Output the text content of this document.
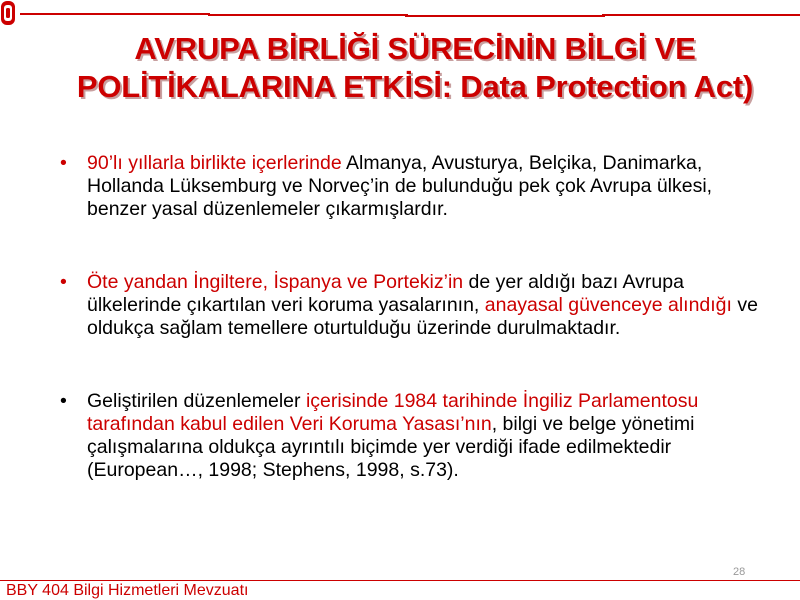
AVRUPA BİRLİĞİ SÜRECİNİN BİLGİ VE POLİTİKALARINA ETKİSİ: Data Protection Act)
• 90’lı yıllarla birlikte içerlerinde Almanya, Avusturya, Belçika, Danimarka, Hollanda Lüksemburg ve Norveç’in de bulunduğu pek çok Avrupa ülkesi, benzer yasal düzenlemeler çıkarmışlardır.
• Öte yandan İngiltere, İspanya ve Portekiz’in de yer aldığı bazı Avrupa ülkelerinde çıkartılan veri koruma yasalarının, anayasal güvenceye alındığı ve oldukça sağlam temellere oturtulduğu üzerinde durulmaktadır.
• Geliştirilen düzenlemeler içerisinde 1984 tarihinde İngiliz Parlamentosu tarafından kabul edilen Veri Koruma Yasası’nın, bilgi ve belge yönetimi çalışmalarına oldukça ayrıntılı biçimde yer verdiği ifade edilmektedir (European…, 1998; Stephens, 1998, s.73).
28
BBY 404 Bilgi Hizmetleri Mevzuatı
